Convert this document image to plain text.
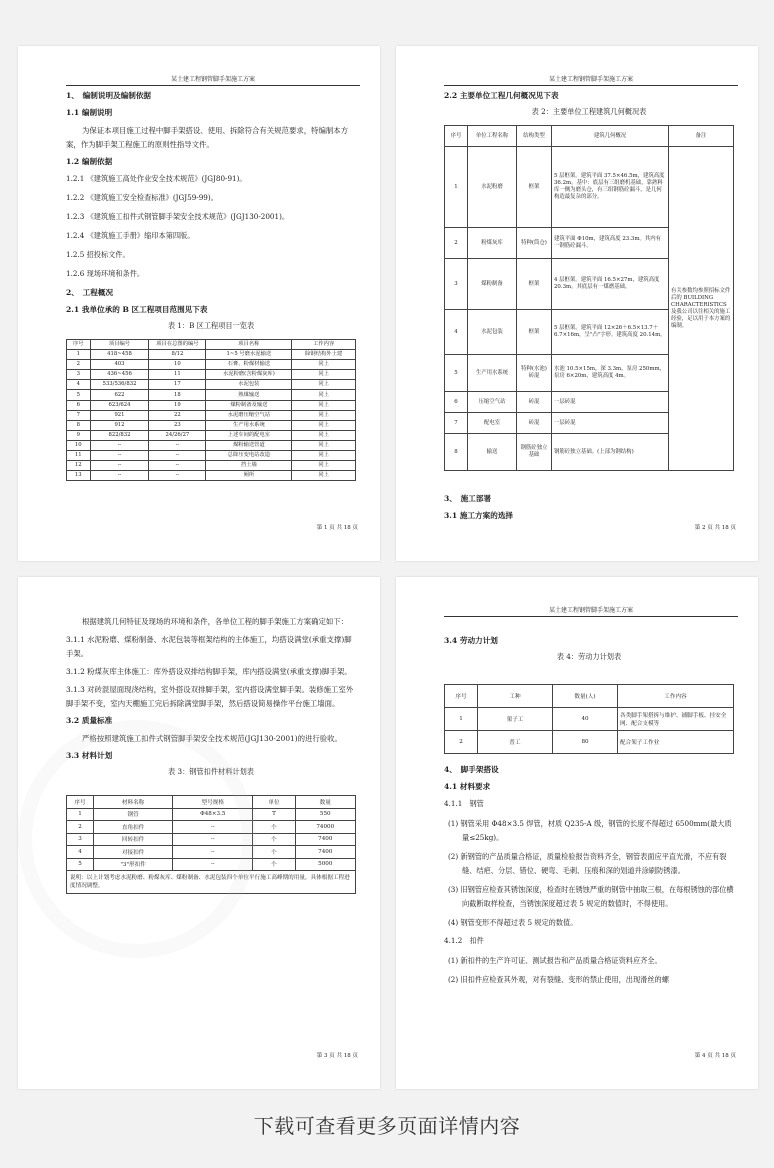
某土建工程钢管脚手架施工方案
1、　编制说明及编制依据
1.1 编制说明
为保证本项目施工过程中脚手架搭设、使用、拆除符合有关规范要求，特编制本方案，作为脚手架工程施工的原则性指导文件。
1.2 编制依据
1.2.1 《建筑施工高处作业安全技术规范》(JGJ80-91)。
1.2.2 《建筑施工安全检查标准》(JGJ59-99)。
1.2.3 《建筑施工扣件式钢管脚手架安全技术规范》(JGJ130-2001)。
1.2.4 《建筑施工手册》缩印本第四版。
1.2.5 招投标文件。
1.2.6 现场环境和条件。
2、　工程概况
2.1 我单位承的 B 区工程项目范围见下表
表 1：B 区工程项目一览表
序号	项目编号	项目在总图的编号	项目名称	工作内容
1	418~458	8/12	1~5 号磨水泥输送	除钢结构外土建
2	403	10	石膏、粉煤材输送	同上
3	436~456	11	水泥粉磨(含粉煤灰库)	同上
4	533/536/832	17	水泥包装	同上
5	622	18	熟煤输送	同上
6	623/624	19	煤粉制备及输送	同上
7	921	22	水泥磨压缩空气站	同上
8	912	23	生产用水系统	同上
9	822/832	24/26/27	上述车间的配电室	同上
10	--	--	煤粉输送管道	同上
11	--	--	总降压变电站改造	同上
12	--	--	挡土墙	同上
13	--	--	厕所	同上
第 1 页 共 18 页
某土建工程钢管脚手架施工方案
2.2 主要单位工程几何概况见下表
表 2：主要单位工程建筑几何概况表
序号	单位工程名称	结构类型	建筑几何概况	备注
1	水泥粉磨	框架	5 层框架。建筑平面 37.5×46.5m，建筑高度 36.2m。基中：底层有三组磨机基础，靠熟料库一侧为磨头仓，有三组钢筋砼漏斗，是几何构造最复杂的部分。	有关参数均参照招标文件后的 BUILDING CHARACTERISTICS 及我公司以往相关的施工经验，足以用于本方案的编制。
2	粉煤灰库	特种(筒仓)	建筑平面 Φ10m，建筑高度 23.3m。其内有一钢筋砼漏斗。	
3	煤粉制备	框架	4 层框架。建筑平面 16.5×27m，建筑高度 20.3m。其底层有一煤磨基础。	
4	水泥包装	框架	5 层框架。建筑平面 12×26＋6.5×13.7＋6.7×16m，呈"凸"字形。建筑高度 20.14m。	
5	生产用水系统	特种(水池)砖混	水池 10.5×15m，深 3.3m。泵房 250mm，泵房 6×20m，建筑高度 4m。	
6	压缩空气站	砖混	一层砖混	
7	配电室	砖混	一层砖混	
8	输送	钢筋砼独立基础	钢筋砼独立基础。(上部为钢结构)	
3、　施工部署
3.1 施工方案的选择
第 2 页 共 18 页
根据建筑几何特征及现场的环境和条件，各单位工程的脚手架施工方案确定如下：
3.1.1 水泥粉磨、煤粉制备、水泥包装等框架结构的主体施工，均搭设满堂(承重支撑)脚手架。
3.1.2 粉煤灰库主体施工：库外搭设双排结构脚手架，库内搭设满堂(承重支撑)脚手架。
3.1.3 对砖混屋面现浇结构，室外搭设双排脚手架，室内搭设满堂脚手架。装修施工室外脚手架不变，室内天棚施工完后拆除满堂脚手架，然后搭设简易操作平台施工墙面。
3.2 质量标准
严格按照建筑施工扣件式钢管脚手架安全技术规范(JGJ130-2001)的进行验收。
3.3 材料计划
表 3：钢管扣件材料计划表
序号	材料名称	型号规格	单位	数量
1	钢管	Φ48×3.5	T	550
2	直角扣件	--	个	74000
3	回转扣件	--	个	7400
4	对接扣件	--	个	7400
5	"3"形扣件	--	个	5000
说明：以上计划考虑水泥粉磨、粉煤灰库、煤粉制备、水泥包装四个单位平行施工高峰期的用量，具体根据工程进度情况调整。				
第 3 页 共 18 页
某土建工程钢管脚手架施工方案
3.4 劳动力计划
表 4：劳动力计划表
序号	工种	数量(人)	工作内容
1	架子工	40	各类脚手架搭拆与维护、铺脚手板、挂安全网、配合支模等
2	普工	80	配合架子工作业
4、　脚手架搭设
4.1 材料要求
4.1.1　钢管
(1) 钢管采用 Φ48×3.5 焊管，材质 Q235-A 级，钢管的长度不得超过 6500mm(最大质量≤25kg)。
(2) 新钢管的产品质量合格证，质量检验报告资料齐全，钢管表面应平直光滑，不应有裂缝、结疤、分层、错位、硬弯、毛刺、压痕和深的划道并涂刷防锈漆。
(3) 旧钢管应检查其锈蚀深度，检查时在锈蚀严重的钢管中抽取三根，在每根锈蚀的部位横向截断取样检查，当锈蚀深度超过表 5 规定的数值时，不得使用。
(4) 钢管变形不得超过表 5 规定的数值。
4.1.2　扣件
(1) 新扣件的生产许可证、测试报告和产品质量合格证资料应齐全。
(2) 旧扣件应检查其外观，对有裂缝、变形的禁止使用，出现滑丝的螺
第 4 页 共 18 页
下载可查看更多页面详情内容
